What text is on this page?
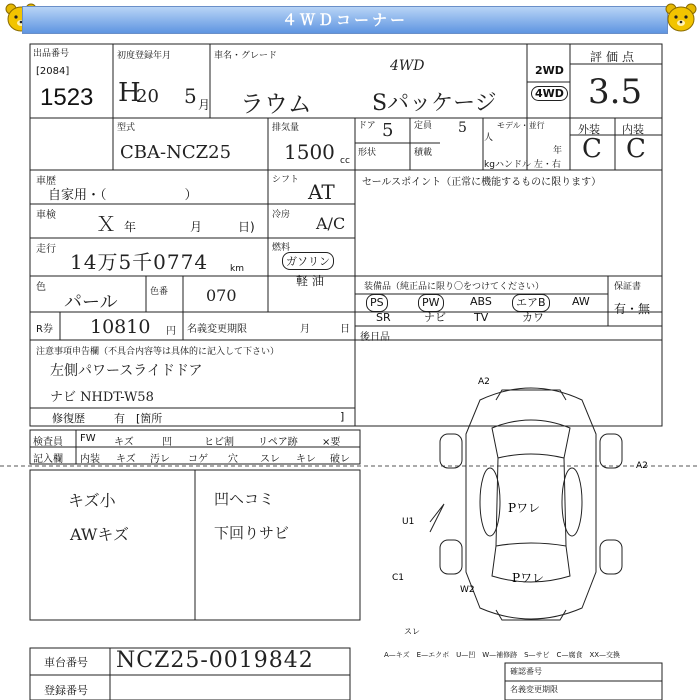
４ＷＤコーナー
出品番号
[2084]
1523
初度登録年月
H
20 5 月
車名・グレード
4WD
ラウム	Sパッケージ
2WD
4WD
評価点
3.5
外装 内装
C C
型式
CBA-NCZ25
排気量
1500 cc
ドア 5 定員 5
人
モデル・並行
形状	積載
kg
年
ハンドル 左・右
車歴
自家用・（　　　　　　）
シフト AT	セールスポイント（正常に機能するものに限ります）
車検 Ｘ 年	月	日)
冷房 A/C
走行
14万5千0774 km
燃料
ガソリン
軽 油
色
パール	色番 070	装備品（純正品に限り〇をつけてください）	保証書
有・無
PS	PW	ABS	エアB	AW
SR	ナビ	TV	カワ
後日品
R券 10810 円 名義変更期限	月	日
注意事項申告欄（不具合内容等は具体的に記入して下さい）
左側パワースライドドア
ナビ NHDT-W58
修復歴	有　[箇所	]
検査員 FW キズ	凹	ヒビ割 リペア跡 ×要
記入欄 内装 キズ 汚レ コゲ 穴 スレ キレ 破レ
キズ小
AWキズ
凹ヘコミ
下回りサビ
A2
A2
U1
C1
W2
スレ
Pワレ
Pワレ
A—キズ　E—エクボ　U—凹　W—補修跡　S—サビ　C—腐食　XX—交換
車台番号 NCZ25-0019842
登録番号
確認番号
名義変更期限
